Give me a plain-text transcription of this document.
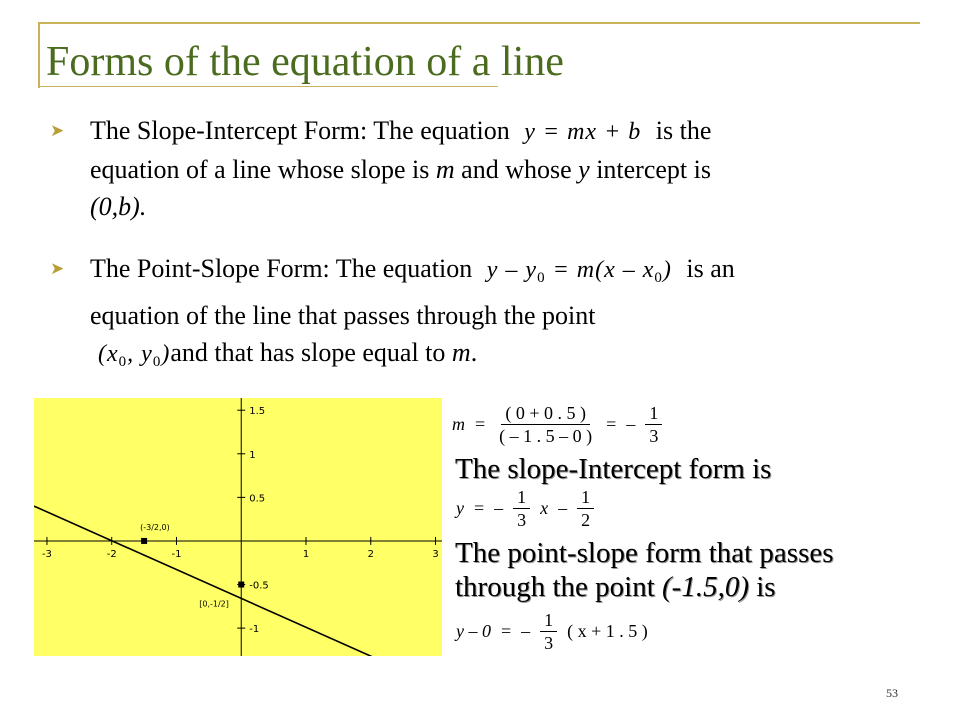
Forms of the equation of a line
➤ The Slope-Intercept Form: The equation y = mx + b is the
equation of a line whose slope is m and whose y intercept is
(0,b).
➤ The Point-Slope Form: The equation $y - y_0 = m(x - x_0)$ is an
equation of the line that passes through the point
($x_0$, $y_0)and$ that has slope equal to m.
-3	-2	-1	1	2	3
1.5
1
0.5
-0.5
-1
(-3/2,0)
[0,-1/2]
$m = \frac{( 0 + 0 . 5 )}{( - 1 . 5 - 0 )}$ = – $\frac{1}{3}$
The slope-Intercept form is
y = – $\frac{1}{3}$ x – $\frac{1}{2}$
The point-slope form that passes
through the point (-1.5,0) is
y – 0 = – $\frac{1}{3}$ ( x + 1 . 5 )
53
